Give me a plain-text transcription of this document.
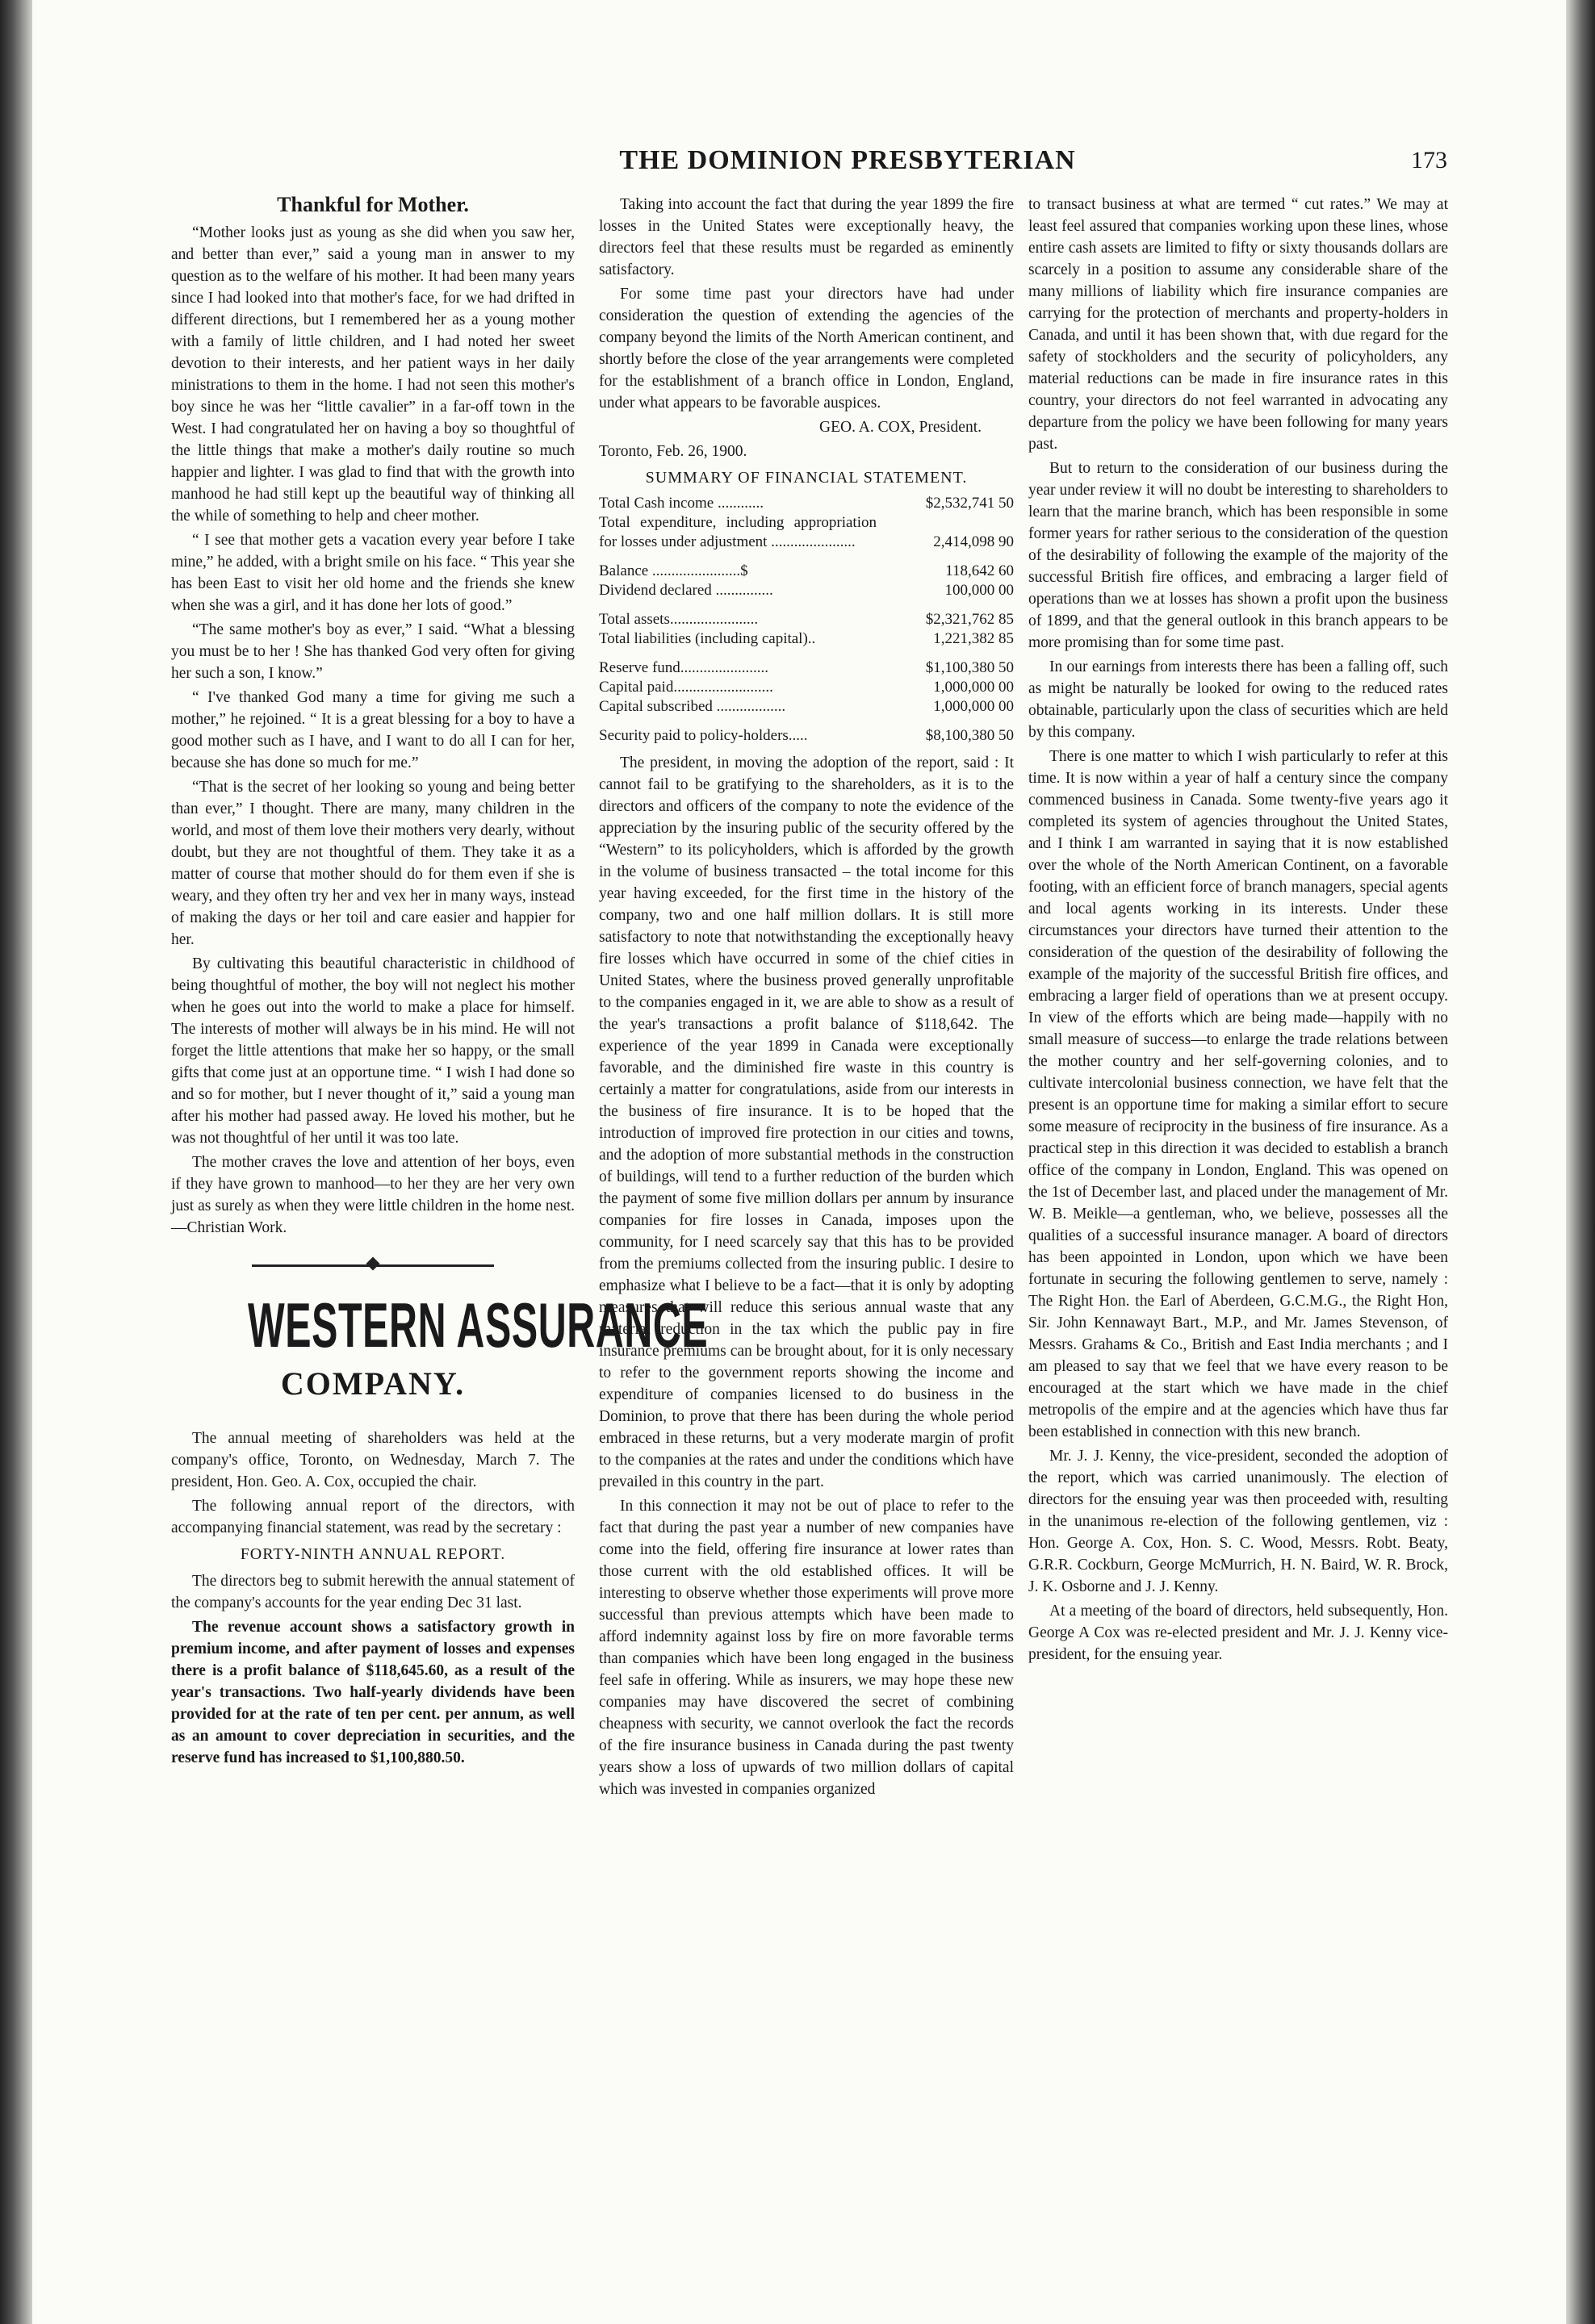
THE DOMINION PRESBYTERIAN	173
Thankful for Mother.

“Mother looks just as young as she did when you saw her, and better than ever,” said a young man in answer to my question as to the welfare of his mother. It had been many years since I had looked into that mother's face, for we had drifted in different directions, but I remembered her as a young mother with a family of little children, and I had noted her sweet devotion to their interests, and her patient ways in her daily ministrations to them in the home. I had not seen this mother's boy since he was her “little cavalier” in a far-off town in the West. I had congratulated her on having a boy so thoughtful of the little things that make a mother's daily routine so much happier and lighter. I was glad to find that with the growth into manhood he had still kept up the beautiful way of thinking all the while of something to help and cheer mother.

“ I see that mother gets a vacation every year before I take mine,” he added, with a bright smile on his face. “ This year she has been East to visit her old home and the friends she knew when she was a girl, and it has done her lots of good.”

“The same mother's boy as ever,” I said. “What a blessing you must be to her ! She has thanked God very often for giving her such a son, I know.”

“ I've thanked God many a time for giving me such a mother,” he rejoined. “ It is a great blessing for a boy to have a good mother such as I have, and I want to do all I can for her, because she has done so much for me.”

“That is the secret of her looking so young and being better than ever,” I thought. There are many, many children in the world, and most of them love their mothers very dearly, without doubt, but they are not thoughtful of them. They take it as a matter of course that mother should do for them even if she is weary, and they often try her and vex her in many ways, instead of making the days or her toil and care easier and happier for her.

By cultivating this beautiful characteristic in childhood of being thoughtful of mother, the boy will not neglect his mother when he goes out into the world to make a place for himself. The interests of mother will always be in his mind. He will not forget the little attentions that make her so happy, or the small gifts that come just at an opportune time. “ I wish I had done so and so for mother, but I never thought of it,” said a young man after his mother had passed away. He loved his mother, but he was not thoughtful of her until it was too late.

The mother craves the love and attention of her boys, even if they have grown to manhood—to her they are her very own just as surely as when they were little children in the home nest.—Christian Work.

WESTERN ASSURANCE
COMPANY.

The annual meeting of shareholders was held at the company's office, Toronto, on Wednesday, March 7. The president, Hon. Geo. A. Cox, occupied the chair.

The following annual report of the directors, with accompanying financial statement, was read by the secretary :

FORTY-NINTH ANNUAL REPORT.

The directors beg to submit herewith the annual statement of the company's accounts for the year ending Dec 31 last.

The revenue account shows a satisfactory growth in premium income, and after payment of losses and expenses there is a profit balance of $118,645.60, as a result of the year's transactions. Two half-yearly dividends have been provided for at the rate of ten per cent. per annum, as well as an amount to cover depreciation in securities, and the reserve fund has increased to $1,100,880.50.

Taking into account the fact that during the year 1899 the fire losses in the United States were exceptionally heavy, the directors feel that these results must be regarded as eminently satisfactory.

For some time past your directors have had under consideration the question of extending the agencies of the company beyond the limits of the North American continent, and shortly before the close of the year arrangements were completed for the establishment of a branch office in London, England, under what appears to be favorable auspices.

GEO. A. COX, President.

Toronto, Feb. 26, 1900.

SUMMARY OF FINANCIAL STATEMENT.
Total Cash income ............	$2,532,741 50
Total expenditure, including appropriation for losses under adjustment ......................	2,414,098 90
Balance .......................$	118,642 60
Dividend declared ...............	100,000 00
Total assets.......................	$2,321,762 85
Total liabilities (including capital)..	1,221,382 85
Reserve fund.......................	$1,100,380 50
Capital paid..........................	1,000,000 00
Capital subscribed ..................	1,000,000 00
Security paid to policy-holders.....	$8,100,380 50

The president, in moving the adoption of the report, said : It cannot fail to be gratifying to the shareholders, as it is to the directors and officers of the company to note the evidence of the appreciation by the insuring public of the security offered by the “Western” to its policyholders, which is afforded by the growth in the volume of business transacted – the total income for this year having exceeded, for the first time in the history of the company, two and one half million dollars. It is still more satisfactory to note that notwithstanding the exceptionally heavy fire losses which have occurred in some of the chief cities in United States, where the business proved generally unprofitable to the companies engaged in it, we are able to show as a result of the year's transactions a profit balance of $118,642. The experience of the year 1899 in Canada were exceptionally favorable, and the diminished fire waste in this country is certainly a matter for congratulations, aside from our interests in the business of fire insurance. It is to be hoped that the introduction of improved fire protection in our cities and towns, and the adoption of more substantial methods in the construction of buildings, will tend to a further reduction of the burden which the payment of some five million dollars per annum by insurance companies for fire losses in Canada, imposes upon the community, for I need scarcely say that this has to be provided from the premiums collected from the insuring public. I desire to emphasize what I believe to be a fact—that it is only by adopting measures that will reduce this serious annual waste that any material reduction in the tax which the public pay in fire insurance premiums can be brought about, for it is only necessary to refer to the government reports showing the income and expenditure of companies licensed to do business in the Dominion, to prove that there has been during the whole period embraced in these returns, but a very moderate margin of profit to the companies at the rates and under the conditions which have prevailed in this country in the part.

In this connection it may not be out of place to refer to the fact that during the past year a number of new companies have come into the field, offering fire insurance at lower rates than those current with the old established offices. It will be interesting to observe whether those experiments will prove more successful than previous attempts which have been made to afford indemnity against loss by fire on more favorable terms than companies which have been long engaged in the business feel safe in offering. While as insurers, we may hope these new companies may have discovered the secret of combining cheapness with security, we cannot overlook the fact the records of the fire insurance business in Canada during the past twenty years show a loss of upwards of two million dollars of capital which was invested in companies organized

to transact business at what are termed “ cut rates.” We may at least feel assured that companies working upon these lines, whose entire cash assets are limited to fifty or sixty thousands dollars are scarcely in a position to assume any considerable share of the many millions of liability which fire insurance companies are carrying for the protection of merchants and property-holders in Canada, and until it has been shown that, with due regard for the safety of stockholders and the security of policyholders, any material reductions can be made in fire insurance rates in this country, your directors do not feel warranted in advocating any departure from the policy we have been following for many years past.

But to return to the consideration of our business during the year under review it will no doubt be interesting to shareholders to learn that the marine branch, which has been responsible in some former years for rather serious to the consideration of the question of the desirability of following the example of the majority of the successful British fire offices, and embracing a larger field of operations than we at losses has shown a profit upon the business of 1899, and that the general outlook in this branch appears to be more promising than for some time past.

In our earnings from interests there has been a falling off, such as might be naturally be looked for owing to the reduced rates obtainable, particularly upon the class of securities which are held by this company.

There is one matter to which I wish particularly to refer at this time. It is now within a year of half a century since the company commenced business in Canada. Some twenty-five years ago it completed its system of agencies throughout the United States, and I think I am warranted in saying that it is now established over the whole of the North American Continent, on a favorable footing, with an efficient force of branch managers, special agents and local agents working in its interests. Under these circumstances your directors have turned their attention to the consideration of the question of the desirability of following the example of the majority of the successful British fire offices, and embracing a larger field of operations than we at present occupy. In view of the efforts which are being made—happily with no small measure of success—to enlarge the trade relations between the mother country and her self-governing colonies, and to cultivate intercolonial business connection, we have felt that the present is an opportune time for making a similar effort to secure some measure of reciprocity in the business of fire insurance. As a practical step in this direction it was decided to establish a branch office of the company in London, England. This was opened on the 1st of December last, and placed under the management of Mr. W. B. Meikle—a gentleman, who, we believe, possesses all the qualities of a successful insurance manager. A board of directors has been appointed in London, upon which we have been fortunate in securing the following gentlemen to serve, namely : The Right Hon. the Earl of Aberdeen, G.C.M.G., the Right Hon, Sir. John Kennawayt Bart., M.P., and Mr. James Stevenson, of Messrs. Grahams & Co., British and East India merchants ; and I am pleased to say that we feel that we have every reason to be encouraged at the start which we have made in the chief metropolis of the empire and at the agencies which have thus far been established in connection with this new branch.

Mr. J. J. Kenny, the vice-president, seconded the adoption of the report, which was carried unanimously. The election of directors for the ensuing year was then proceeded with, resulting in the unanimous re-election of the following gentlemen, viz : Hon. George A. Cox, Hon. S. C. Wood, Messrs. Robt. Beaty, G.R.R. Cockburn, George McMurrich, H. N. Baird, W. R. Brock, J. K. Osborne and J. J. Kenny.

At a meeting of the board of directors, held subsequently, Hon. George A Cox was re-elected president and Mr. J. J. Kenny vice-president, for the ensuing year.
